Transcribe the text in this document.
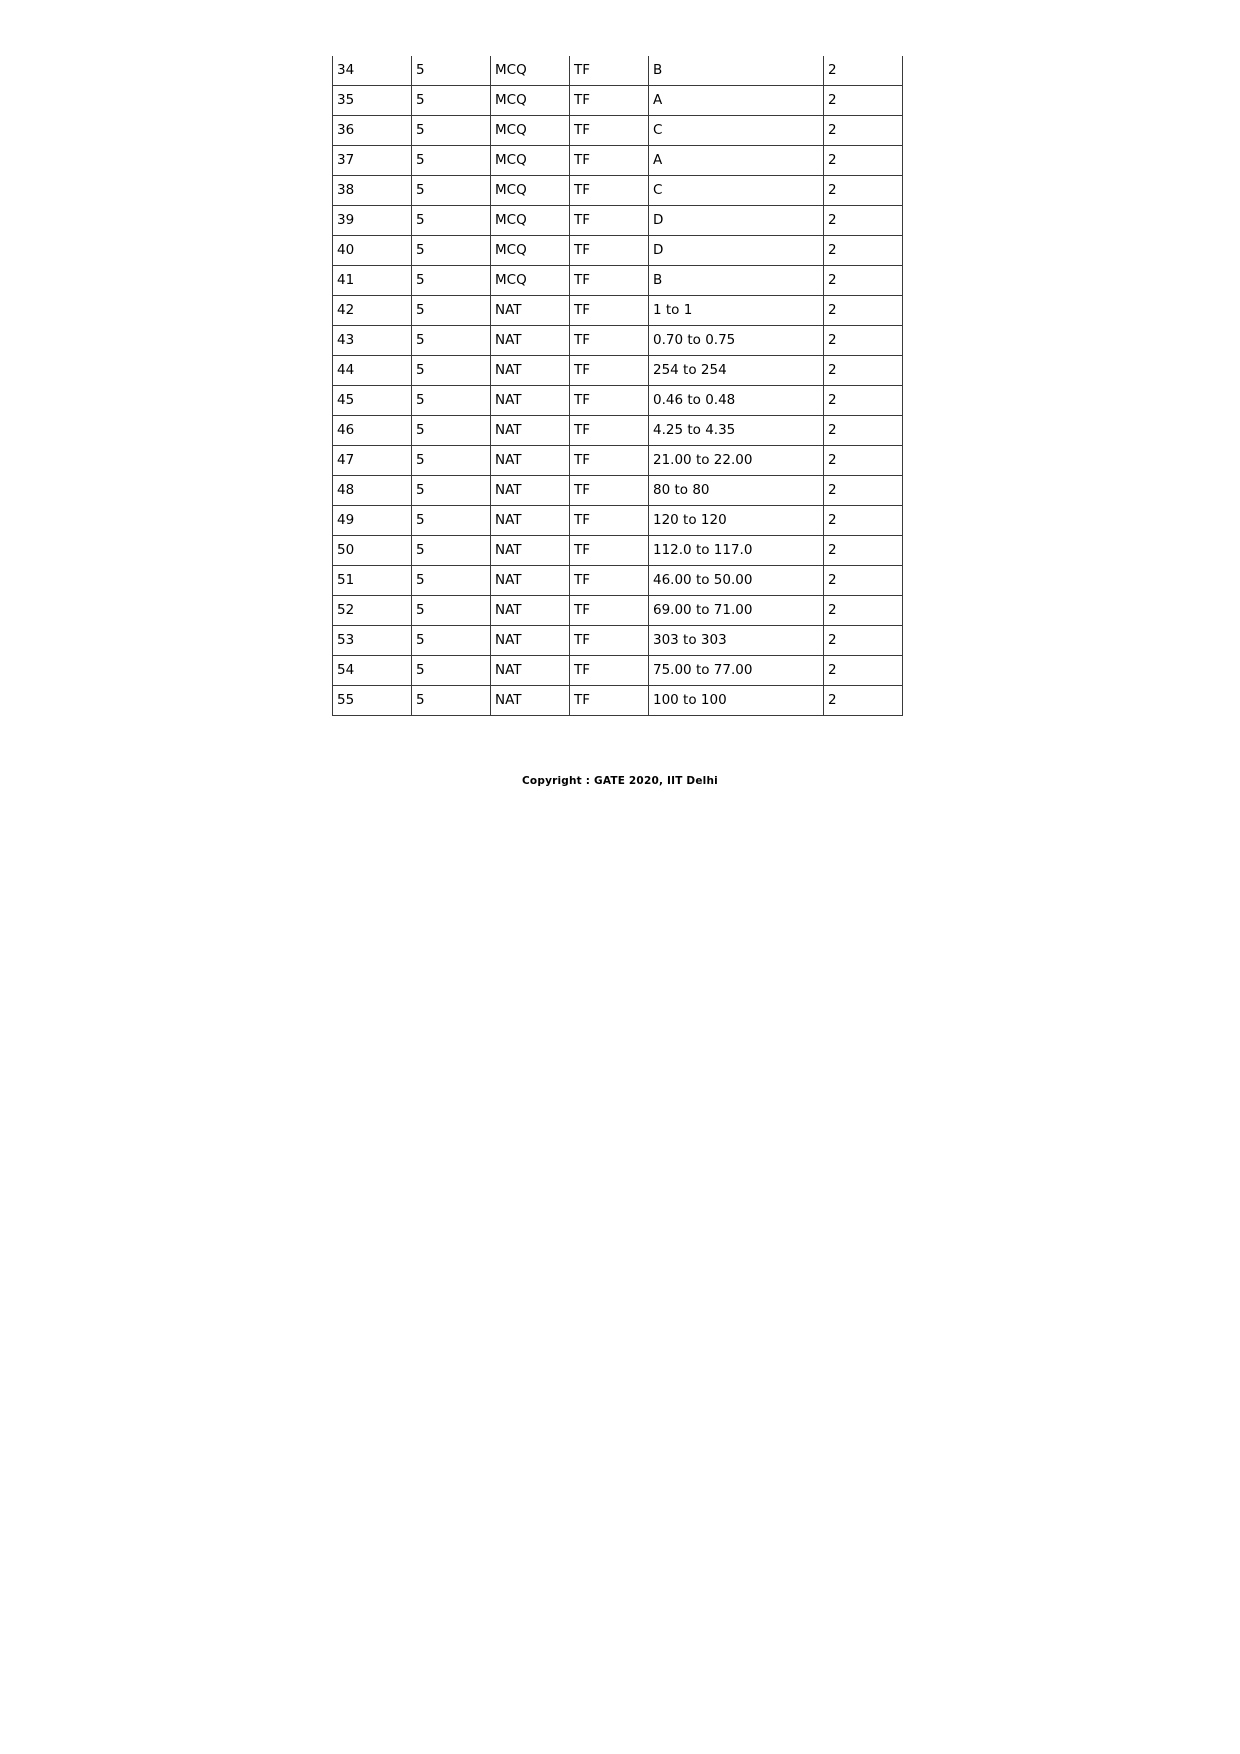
34	5	MCQ	TF	B	2
35	5	MCQ	TF	A	2
36	5	MCQ	TF	C	2
37	5	MCQ	TF	A	2
38	5	MCQ	TF	C	2
39	5	MCQ	TF	D	2
40	5	MCQ	TF	D	2
41	5	MCQ	TF	B	2
42	5	NAT	TF	1 to 1	2
43	5	NAT	TF	0.70 to 0.75	2
44	5	NAT	TF	254 to 254	2
45	5	NAT	TF	0.46 to 0.48	2
46	5	NAT	TF	4.25 to 4.35	2
47	5	NAT	TF	21.00 to 22.00	2
48	5	NAT	TF	80 to 80	2
49	5	NAT	TF	120 to 120	2
50	5	NAT	TF	112.0 to 117.0	2
51	5	NAT	TF	46.00 to 50.00	2
52	5	NAT	TF	69.00 to 71.00	2
53	5	NAT	TF	303 to 303	2
54	5	NAT	TF	75.00 to 77.00	2
55	5	NAT	TF	100 to 100	2
Copyright : GATE 2020, IIT Delhi
